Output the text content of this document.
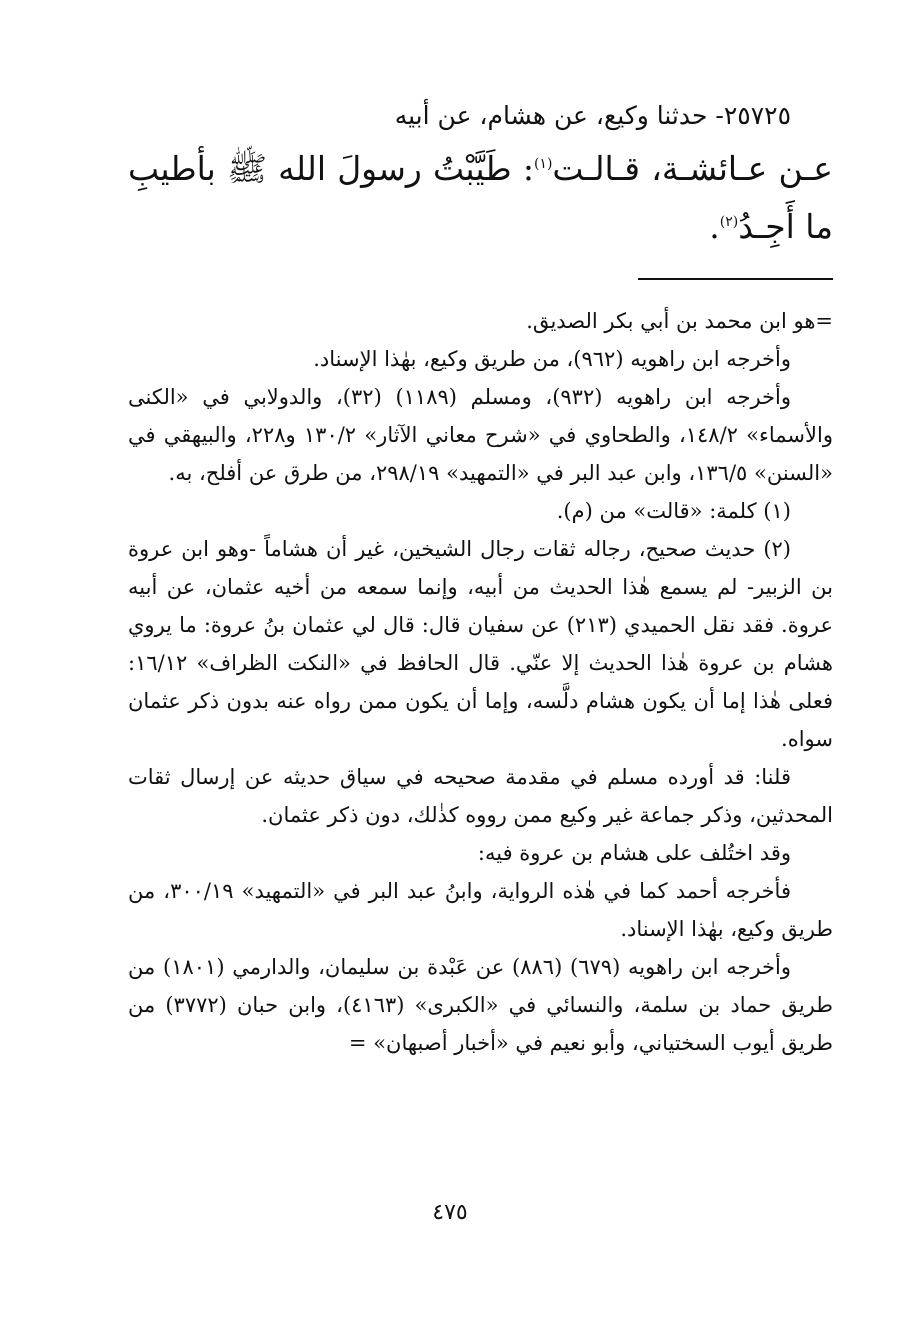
٢٥٧٢٥- حدثنا وكيع، عن هشام، عن أبيه

عـن عـائشـة، قـالـت$^{(١)}$: طَيَّبْتُ رسولَ الله ﷺ بأطيبِ ما أَجِـدُ$^{(٢)}$.

=هو ابن محمد بن أبي بكر الصديق.

وأخرجه ابن راهويه (٩٦٢)، من طريق وكيع، بهٰذا الإسناد.

وأخرجه ابن راهويه (٩٣٢)، ومسلم (١١٨٩) (٣٢)، والدولابي في «الكنى والأسماء» ١٤٨/٢، والطحاوي في «شرح معاني الآثار» ١٣٠/٢ و٢٢٨، والبيهقي في «السنن» ١٣٦/٥، وابن عبد البر في «التمهيد» ٢٩٨/١٩، من طرق عن أفلح، به.

(١) كلمة: «قالت» من (م).

(٢) حديث صحيح، رجاله ثقات رجال الشيخين، غير أن هشاماً -وهو ابن عروة بن الزبير- لم يسمع هٰذا الحديث من أبيه، وإنما سمعه من أخيه عثمان، عن أبيه عروة. فقد نقل الحميدي (٢١٣) عن سفيان قال: قال لي عثمان بنُ عروة: ما يروي هشام بن عروة هٰذا الحديث إلا عنّي. قال الحافظ في «النكت الظراف» ١٦/١٢: فعلى هٰذا إما أن يكون هشام دلَّسه، وإما أن يكون ممن رواه عنه بدون ذكر عثمان سواه.

قلنا: قد أورده مسلم في مقدمة صحيحه في سياق حديثه عن إرسال ثقات المحدثين، وذكر جماعة غير وكيع ممن رووه كذٰلك، دون ذكر عثمان.

وقد اختُلف على هشام بن عروة فيه:

فأخرجه أحمد كما في هٰذه الرواية، وابنُ عبد البر في «التمهيد» ٣٠٠/١٩، من طريق وكيع، بهٰذا الإسناد.

وأخرجه ابن راهويه (٦٧٩) (٨٨٦) عن عَبْدة بن سليمان، والدارمي (١٨٠١) من طريق حماد بن سلمة، والنسائي في «الكبرى» (٤١٦٣)، وابن حبان (٣٧٧٢) من طريق أيوب السختياني، وأبو نعيم في «أخبار أصبهان» =

٤٧٥
